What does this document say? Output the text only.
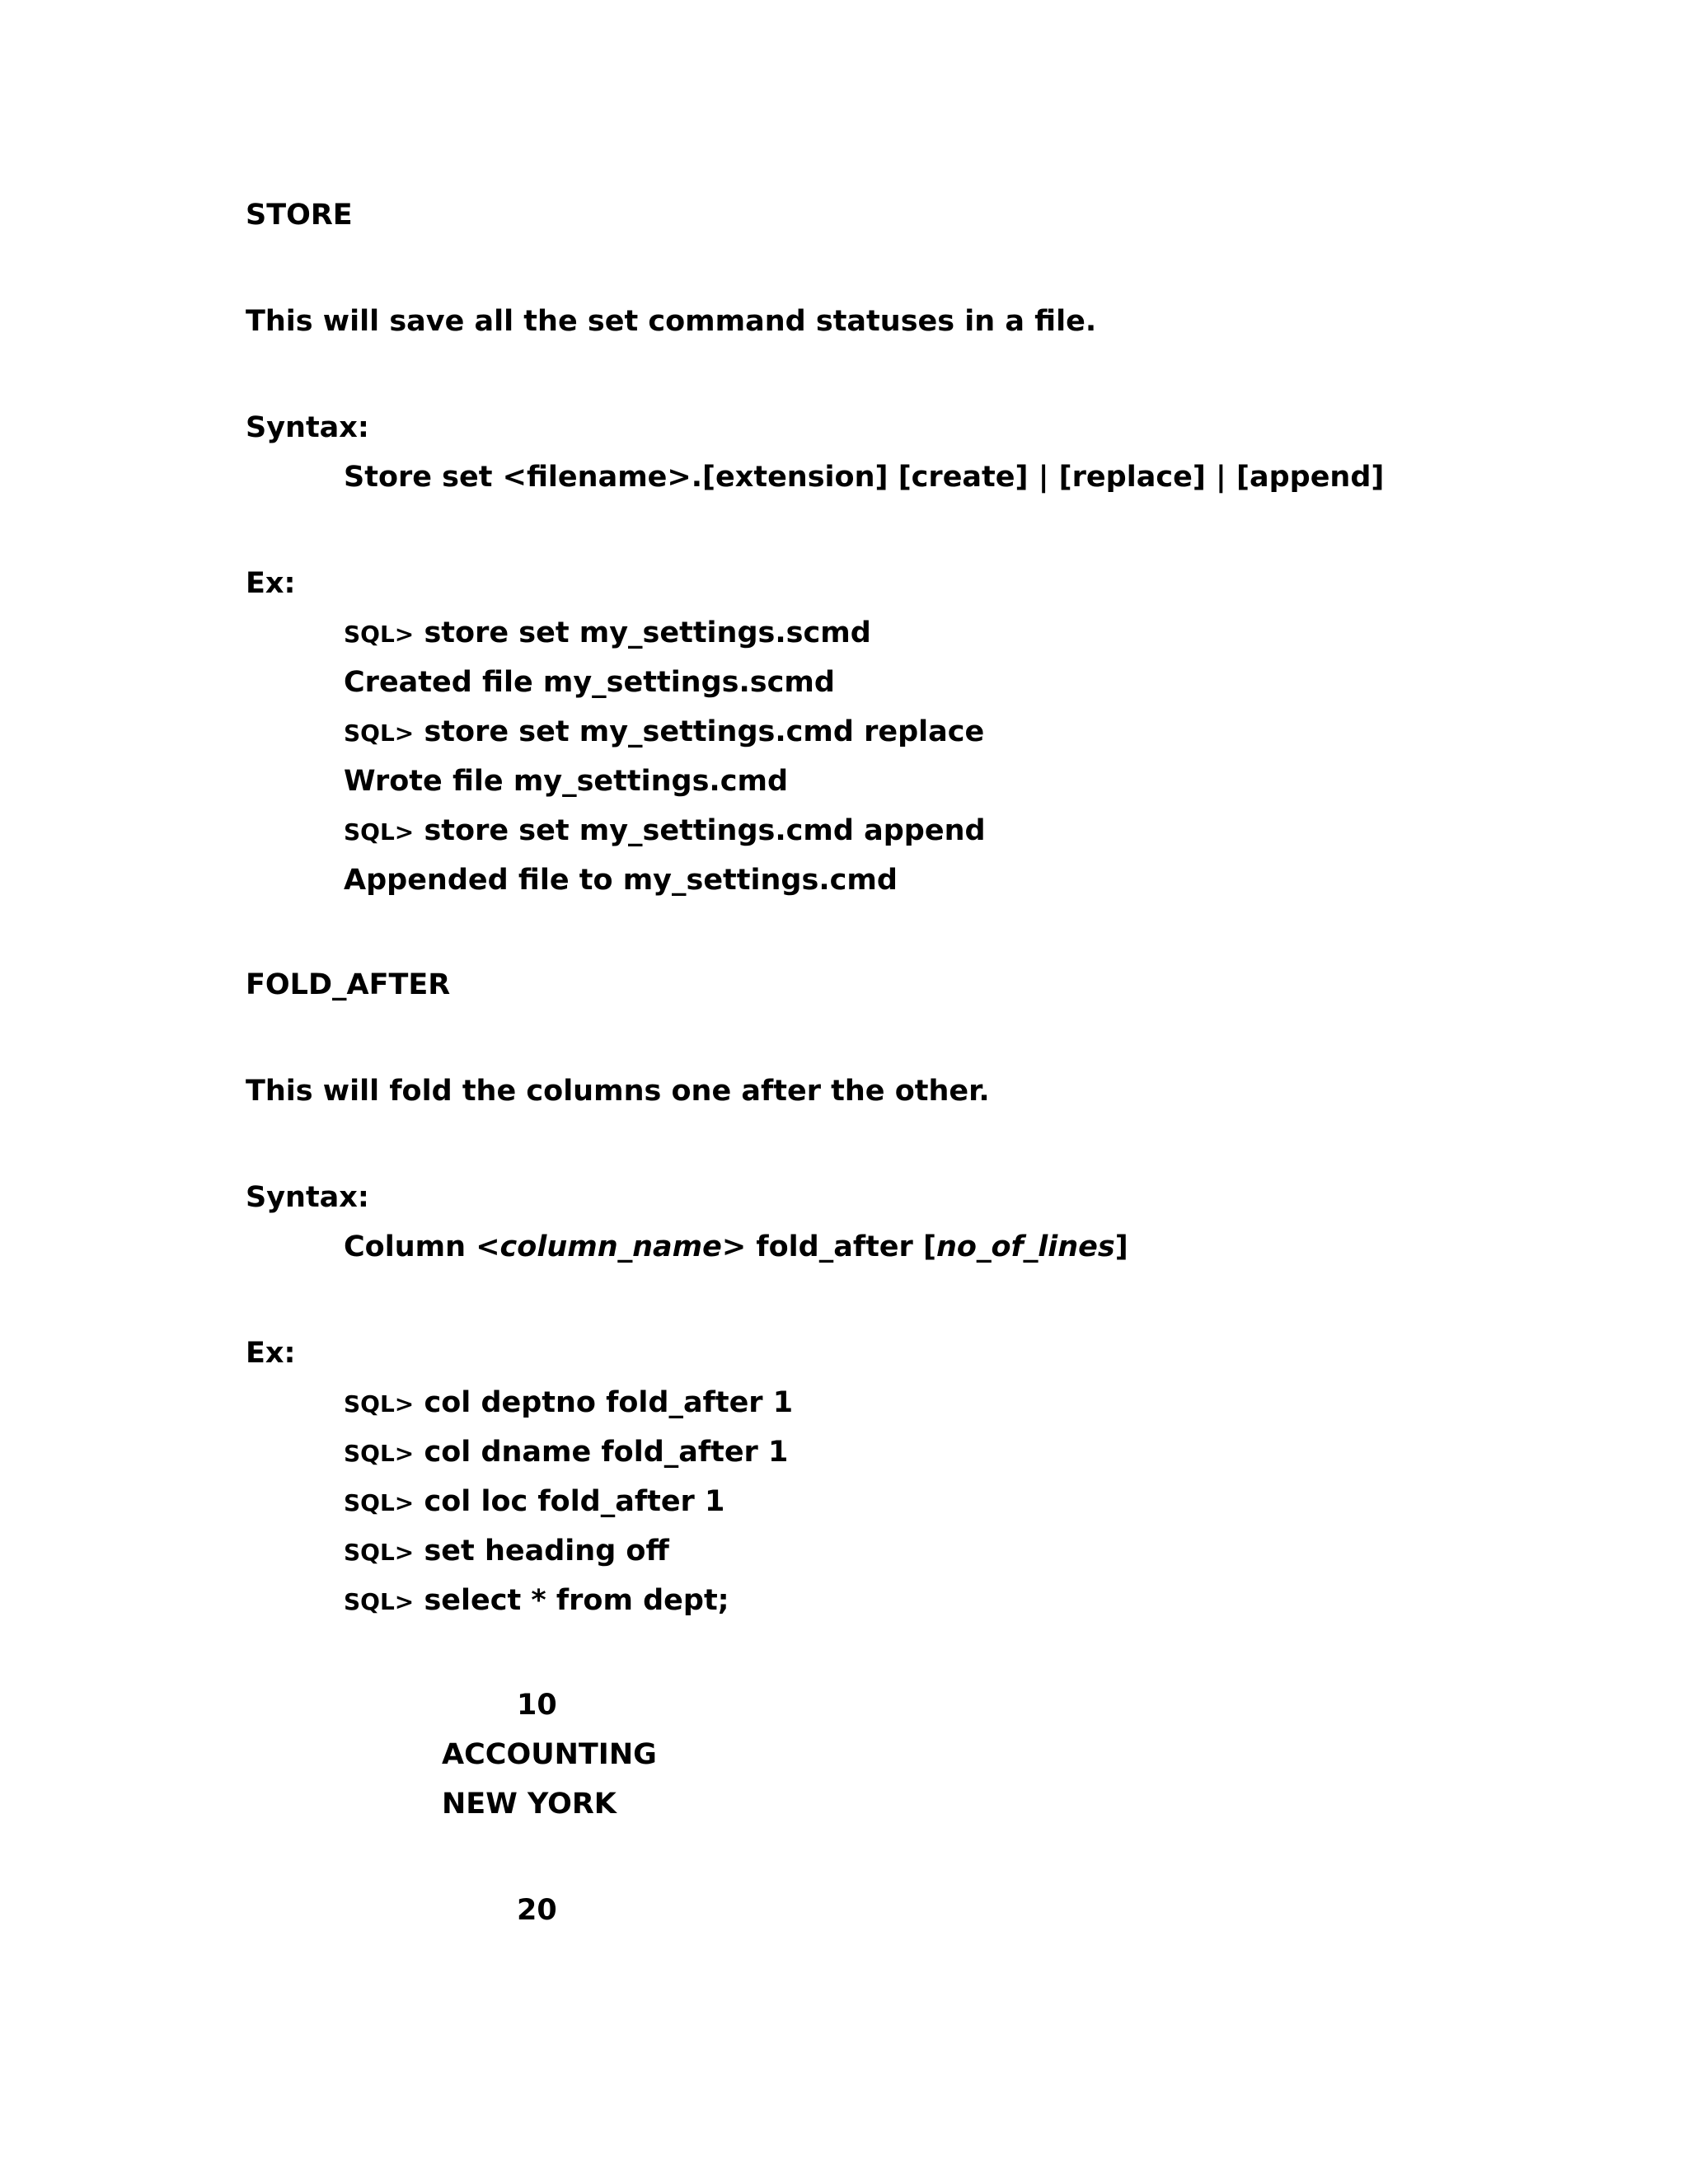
STORE
This will save all the set command statuses in a file.
Syntax:
Store set <filename>.[extension] [create] | [replace] | [append]
Ex:
SQL> store set my_settings.scmd
Created file my_settings.scmd
SQL> store set my_settings.cmd replace
Wrote file my_settings.cmd
SQL> store set my_settings.cmd append
Appended file to my_settings.cmd
FOLD_AFTER
This will fold the columns one after the other.
Syntax:
Column <column_name> fold_after [no_of_lines]
Ex:
SQL> col deptno fold_after 1
SQL> col dname fold_after 1
SQL> col loc fold_after 1
SQL> set heading off
SQL> select * from dept;
10
ACCOUNTING
NEW YORK
20
